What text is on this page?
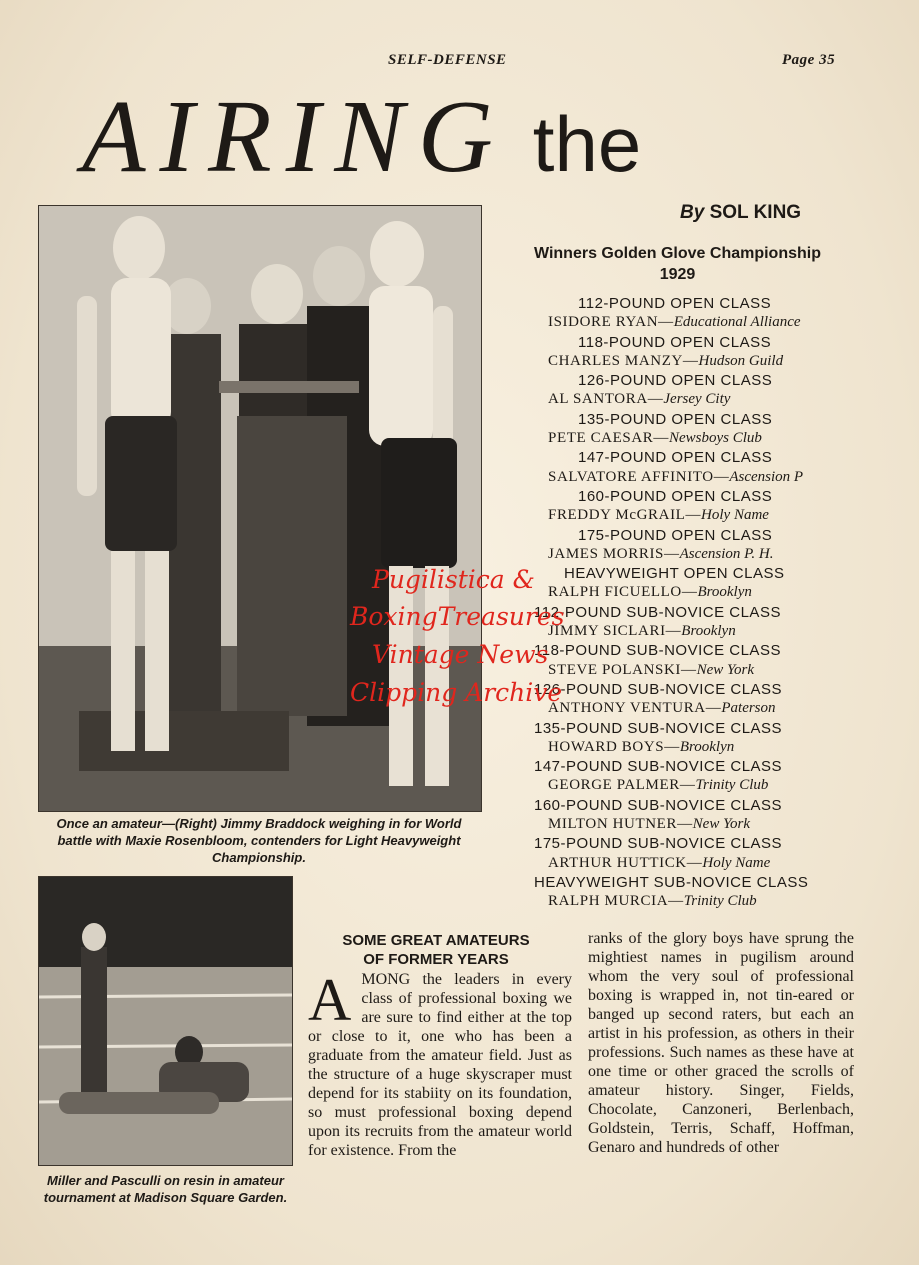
SELF-DEFENSE	Page 35
AIRING the
By SOL KING
Once an amateur—(Right) Jimmy Braddock weighing in for World battle with Maxie Rosenbloom, contenders for Light Heavyweight Championship.
Miller and Pasculli on resin in amateur tournament at Madison Square Garden.
Winners Golden Glove Championship
1929
112-POUND OPEN CLASS
ISIDORE RYAN—Educational Alliance
118-POUND OPEN CLASS
CHARLES MANZY—Hudson Guild
126-POUND OPEN CLASS
AL SANTORA—Jersey City
135-POUND OPEN CLASS
PETE CAESAR—Newsboys Club
147-POUND OPEN CLASS
SALVATORE AFFINITO—Ascension P
160-POUND OPEN CLASS
FREDDY McGRAIL—Holy Name
175-POUND OPEN CLASS
JAMES MORRIS—Ascension P. H.
HEAVYWEIGHT OPEN CLASS
RALPH FICUELLO—Brooklyn
112-POUND SUB-NOVICE CLASS
JIMMY SICLARI—Brooklyn
118-POUND SUB-NOVICE CLASS
STEVE POLANSKI—New York
126-POUND SUB-NOVICE CLASS
ANTHONY VENTURA—Paterson
135-POUND SUB-NOVICE CLASS
HOWARD BOYS—Brooklyn
147-POUND SUB-NOVICE CLASS
GEORGE PALMER—Trinity Club
160-POUND SUB-NOVICE CLASS
MILTON HUTNER—New York
175-POUND SUB-NOVICE CLASS
ARTHUR HUTTICK—Holy Name
HEAVYWEIGHT SUB-NOVICE CLASS
RALPH MURCIA—Trinity Club
SOME GREAT AMATEURS
OF FORMER YEARS
AMONG the leaders in every class of professional boxing we are sure to find either at the top or close to it, one who has been a graduate from the amateur field. Just as the structure of a huge skyscraper must depend for its stabiity on its foundation, so must professional boxing depend upon its recruits from the amateur world for existence. From the
ranks of the glory boys have sprung the mightiest names in pugilism around whom the very soul of professional boxing is wrapped in, not tin-eared or banged up second raters, but each an artist in his profession, as others in their professions. Such names as these have at one time or other graced the scrolls of amateur history. Singer, Fields, Chocolate, Canzoneri, Berlenbach, Goldstein, Terris, Schaff, Hoffman, Genaro and hundreds of other
Pugilistica &
BoxingTreasures
Vintage News
Clipping Archive
